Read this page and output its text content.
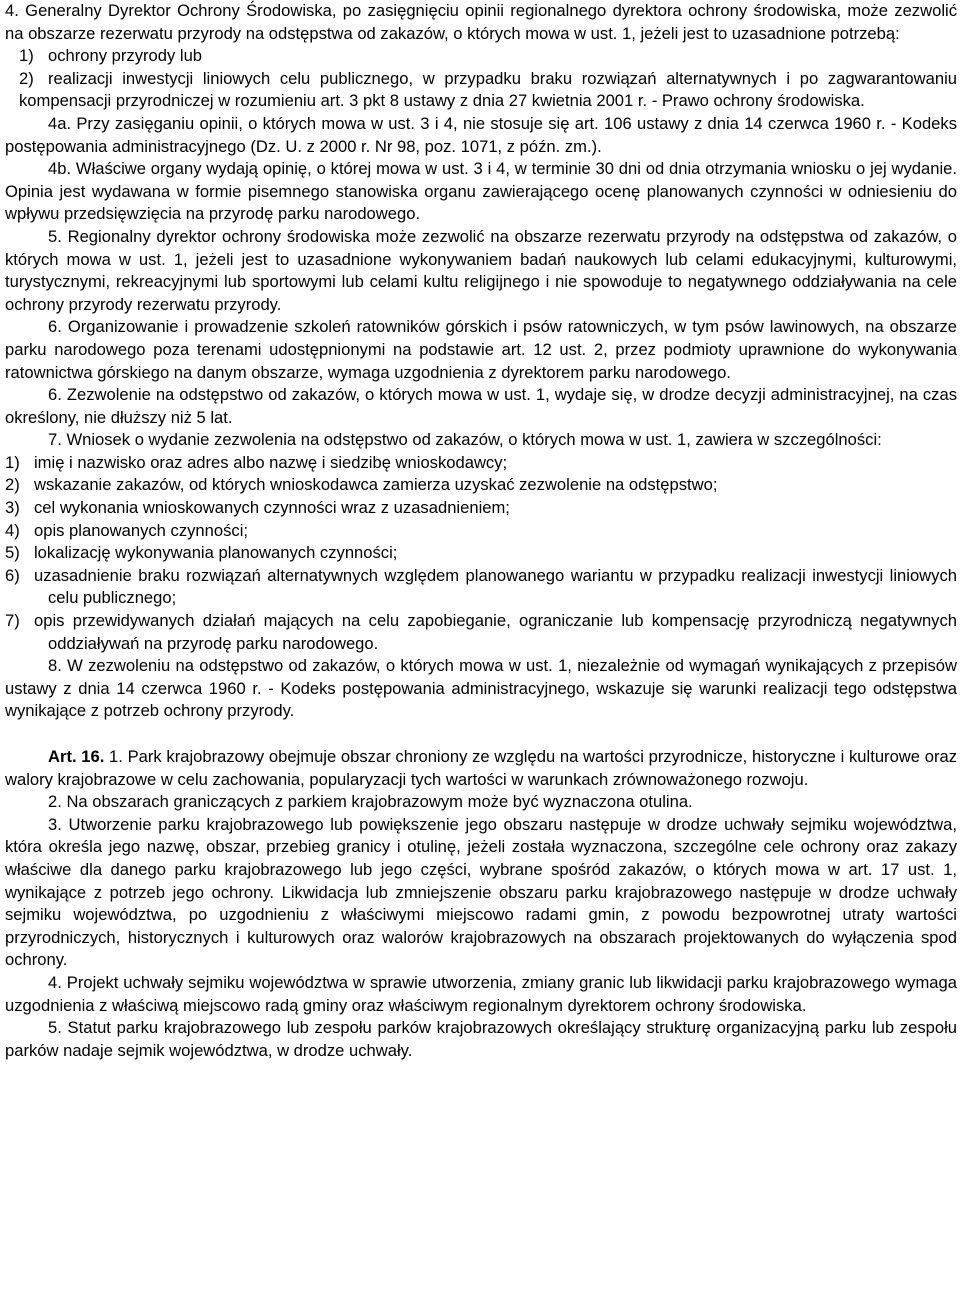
4. Generalny Dyrektor Ochrony Środowiska, po zasięgnięciu opinii regionalnego dyrektora ochrony środowiska, może zezwolić na obszarze rezerwatu przyrody na odstępstwa od zakazów, o których mowa w ust. 1, jeżeli jest to uzasadnione potrzebą:

1) ochrony przyrody lub

2) realizacji inwestycji liniowych celu publicznego, w przypadku braku rozwiązań alternatywnych i po zagwarantowaniu kompensacji przyrodniczej w rozumieniu art. 3 pkt 8 ustawy z dnia 27 kwietnia 2001 r. - Prawo ochrony środowiska.

4a. Przy zasięganiu opinii, o których mowa w ust. 3 i 4, nie stosuje się art. 106 ustawy z dnia 14 czerwca 1960 r. - Kodeks postępowania administracyjnego (Dz. U. z 2000 r. Nr 98, poz. 1071, z późn. zm.).

4b. Właściwe organy wydają opinię, o której mowa w ust. 3 i 4, w terminie 30 dni od dnia otrzymania wniosku o jej wydanie. Opinia jest wydawana w formie pisemnego stanowiska organu zawierającego ocenę planowanych czynności w odniesieniu do wpływu przedsięwzięcia na przyrodę parku narodowego.

5. Regionalny dyrektor ochrony środowiska może zezwolić na obszarze rezerwatu przyrody na odstępstwa od zakazów, o których mowa w ust. 1, jeżeli jest to uzasadnione wykonywaniem badań naukowych lub celami edukacyjnymi, kulturowymi, turystycznymi, rekreacyjnymi lub sportowymi lub celami kultu religijnego i nie spowoduje to negatywnego oddziaływania na cele ochrony przyrody rezerwatu przyrody.

6. Organizowanie i prowadzenie szkoleń ratowników górskich i psów ratowniczych, w tym psów lawinowych, na obszarze parku narodowego poza terenami udostępnionymi na podstawie art. 12 ust. 2, przez podmioty uprawnione do wykonywania ratownictwa górskiego na danym obszarze, wymaga uzgodnienia z dyrektorem parku narodowego.

6. Zezwolenie na odstępstwo od zakazów, o których mowa w ust. 1, wydaje się, w drodze decyzji administracyjnej, na czas określony, nie dłuższy niż 5 lat.

7. Wniosek o wydanie zezwolenia na odstępstwo od zakazów, o których mowa w ust. 1, zawiera w szczególności:

1) imię i nazwisko oraz adres albo nazwę i siedzibę wnioskodawcy;

2) wskazanie zakazów, od których wnioskodawca zamierza uzyskać zezwolenie na odstępstwo;

3) cel wykonania wnioskowanych czynności wraz z uzasadnieniem;

4) opis planowanych czynności;

5) lokalizację wykonywania planowanych czynności;

6) uzasadnienie braku rozwiązań alternatywnych względem planowanego wariantu w przypadku realizacji inwestycji liniowych celu publicznego;

7) opis przewidywanych działań mających na celu zapobieganie, ograniczanie lub kompensację przyrodniczą negatywnych oddziaływań na przyrodę parku narodowego.

8. W zezwoleniu na odstępstwo od zakazów, o których mowa w ust. 1, niezależnie od wymagań wynikających z przepisów ustawy z dnia 14 czerwca 1960 r. - Kodeks postępowania administracyjnego, wskazuje się warunki realizacji tego odstępstwa wynikające z potrzeb ochrony przyrody.

Art. 16. 1. Park krajobrazowy obejmuje obszar chroniony ze względu na wartości przyrodnicze, historyczne i kulturowe oraz walory krajobrazowe w celu zachowania, popularyzacji tych wartości w warunkach zrównoważonego rozwoju.

2. Na obszarach graniczących z parkiem krajobrazowym może być wyznaczona otulina.

3. Utworzenie parku krajobrazowego lub powiększenie jego obszaru następuje w drodze uchwały sejmiku województwa, która określa jego nazwę, obszar, przebieg granicy i otulinę, jeżeli została wyznaczona, szczególne cele ochrony oraz zakazy właściwe dla danego parku krajobrazowego lub jego części, wybrane spośród zakazów, o których mowa w art. 17 ust. 1, wynikające z potrzeb jego ochrony. Likwidacja lub zmniejszenie obszaru parku krajobrazowego następuje w drodze uchwały sejmiku województwa, po uzgodnieniu z właściwymi miejscowo radami gmin, z powodu bezpowrotnej utraty wartości przyrodniczych, historycznych i kulturowych oraz walorów krajobrazowych na obszarach projektowanych do wyłączenia spod ochrony.

4. Projekt uchwały sejmiku województwa w sprawie utworzenia, zmiany granic lub likwidacji parku krajobrazowego wymaga uzgodnienia z właściwą miejscowo radą gminy oraz właściwym regionalnym dyrektorem ochrony środowiska.

5. Statut parku krajobrazowego lub zespołu parków krajobrazowych określający strukturę organizacyjną parku lub zespołu parków nadaje sejmik województwa, w drodze uchwały.
